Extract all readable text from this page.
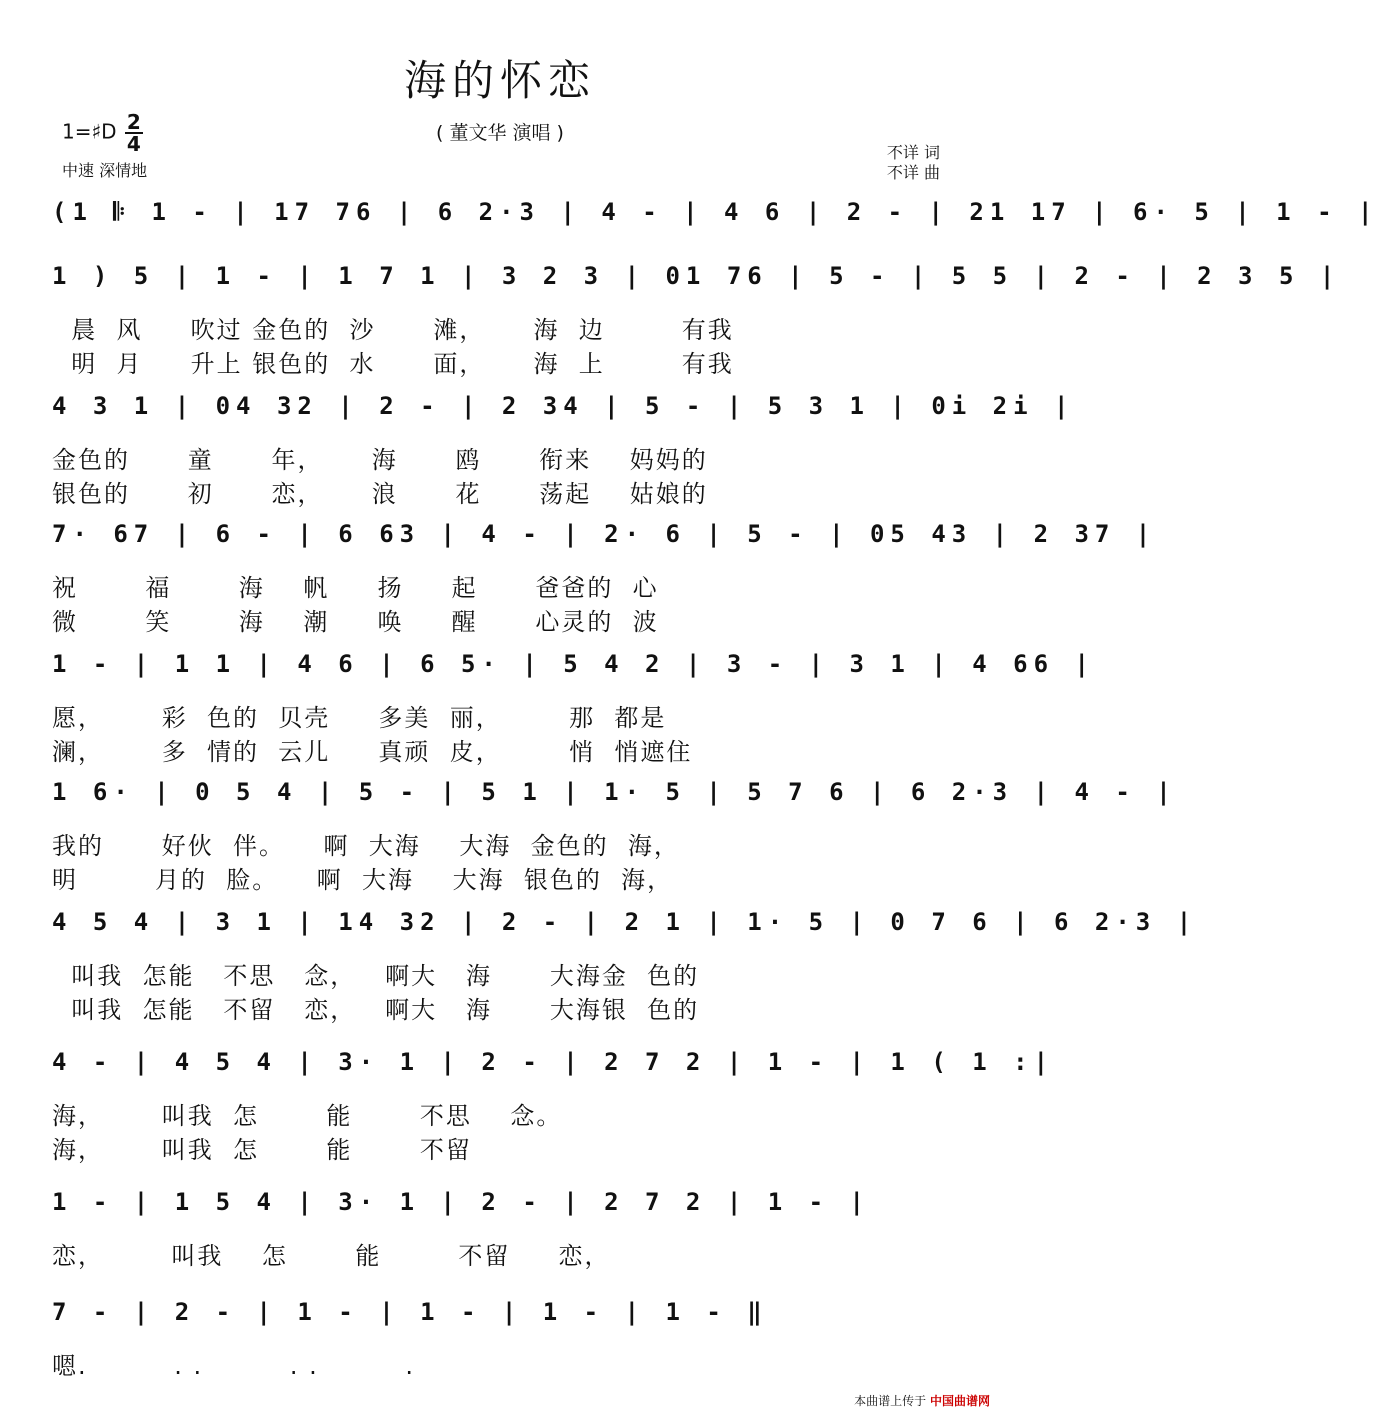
海的怀恋
( 董文华 演唱 )
1=♯D $\frac{2}{4}$
中速 深情地
不详 词
不详 曲
(1 𝄆 1 - | 17 76 | 6 2·3 | 4 - | 4 6 | 2 - | 21 17 | 6· 5 | 1 - |
1 ) 5 | 1 - | 1 7 1 | 3 2 3 | 01 76 | 5 - | 5 5 | 2 - | 2 3 5 |
晨  风     吹过 金色的  沙      滩，     海  边        有我
明  月     升上 银色的  水      面，     海  上        有我
4 3 1 | 04 32 | 2 - | 2 34 | 5 - | 5 3 1 | 0i 2i |
金色的      童      年，     海      鸥      衔来    妈妈的
银色的      初      恋，     浪      花      荡起    姑娘的
7· 67 | 6 - | 6 63 | 4 - | 2· 6 | 5 - | 05 43 | 2 37 |
祝       福       海    帆     扬     起      爸爸的  心
微       笑       海    潮     唤     醒      心灵的  波
1 - | 1 1 | 4 6 | 6 5· | 5 4 2 | 3 - | 3 1 | 4 66 |
愿，      彩  色的  贝壳     多美  丽，       那  都是
澜，      多  情的  云儿     真顽  皮，       悄  悄遮住
1 6· | 0 5 4 | 5 - | 5 1 | 1· 5 | 5 7 6 | 6 2·3 | 4 - |
我的      好伙  伴。    啊  大海    大海  金色的  海，
明        月的  脸。    啊  大海    大海  银色的  海，
4 5 4 | 3 1 | 14 32 | 2 - | 2 1 | 1· 5 | 0 7 6 | 6 2·3 |
叫我  怎能   不思   念，   啊大   海      大海金  色的
叫我  怎能   不留   恋，   啊大   海      大海银  色的
4 - | 4 5 4 | 3· 1 | 2 - | 2 7 2 | 1 - | 1 ( 1 :|
海，      叫我  怎       能       不思    念。
海，      叫我  怎       能       不留
1 - | 1 5 4 | 3· 1 | 2 - | 2 7 2 | 1 - |
恋，       叫我    怎       能        不留     恋，
7 - | 2 - | 1 - | 1 - | 1 - | 1 - ‖
嗯.         . .         . .         .
本曲谱上传于 中国曲谱网
